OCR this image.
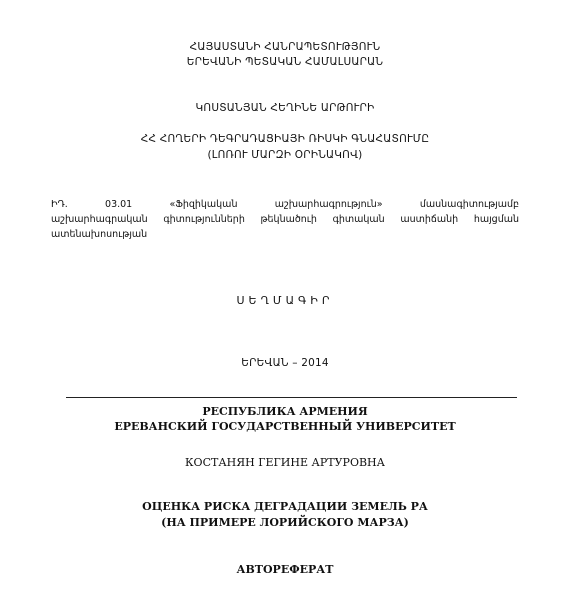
ՀԱՅԱՍՏԱՆԻ ՀԱՆՐԱՊԵՏՈՒԹՅՈՒՆ
ԵՐԵՎԱՆԻ ՊԵՏԱԿԱՆ ՀԱՄԱԼՍԱՐԱՆ
ԿՈՍՏԱՆՅԱՆ ՀԵՂԻՆԵ ԱՐԹՈՒՐԻ
ՀՀ ՀՈՂԵՐԻ ԴԵԳՐԱԴԱՑԻԱՅԻ ՌԻՍԿԻ ԳՆԱՀԱՏՈՒՄԸ
(ԼՈՌՈՒ ՄԱՐԶԻ ՕՐԻՆԱԿՈՎ)
ԻԴ. 03.01 «Ֆիզիկական աշխարհագրություն» մասնագիտությամբ
աշխարհագրական գիտությունների թեկնածուի գիտական աստիճանի հայցման
ատենախոսության
ՍԵՂՄԱԳԻՐ
ԵՐԵՎԱՆ – 2014
РЕСПУБЛИКА АРМЕНИЯ
ЕРЕВАНСКИЙ ГОСУДАРСТВЕННЫЙ УНИВЕРСИТЕТ
КОСТАНЯН ГЕГИНЕ АРТУРОВНА
ОЦЕНКА РИСКА ДЕГРАДАЦИИ ЗЕМЕЛЬ РА
(НА ПРИМЕРЕ ЛОРИЙСКОГО МАРЗА)
АВТОРЕФЕРАТ
